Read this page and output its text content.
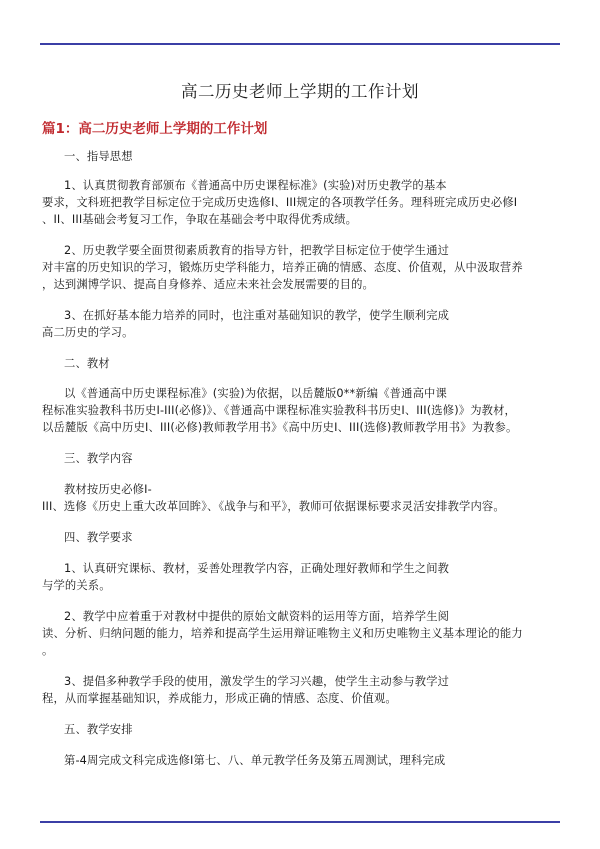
高二历史老师上学期的工作计划
篇1：高二历史老师上学期的工作计划
一、指导思想
1、认真贯彻教育部颁布《普通高中历史课程标准》(实验)对历史教学的基本
要求，文科班把教学目标定位于完成历史选修I、III规定的各项教学任务。理科班完成历史必修I
、II、III基础会考复习工作，争取在基础会考中取得优秀成绩。
2、历史教学要全面贯彻素质教育的指导方针，把教学目标定位于使学生通过
对丰富的历史知识的学习，锻炼历史学科能力，培养正确的情感、态度、价值观，从中汲取营养
，达到渊博学识、提高自身修养、适应未来社会发展需要的目的。
3、在抓好基本能力培养的同时，也注重对基础知识的教学，使学生顺利完成
高二历史的学习。
二、教材
以《普通高中历史课程标准》(实验)为依据，以岳麓版0**新编《普通高中课
程标准实验教科书历史I-III(必修)》、《普通高中课程标准实验教科书历史I、III(选修)》为教材，
以岳麓版《高中历史I、III(必修)教师教学用书》《高中历史I、III(选修)教师教学用书》为教参。
三、教学内容
教材按历史必修I-
III、选修《历史上重大改革回眸》、《战争与和平》，教师可依据课标要求灵活安排教学内容。
四、教学要求
1、认真研究课标、教材，妥善处理教学内容，正确处理好教师和学生之间教
与学的关系。
2、教学中应着重于对教材中提供的原始文献资料的运用等方面，培养学生阅
读、分析、归纳问题的能力，培养和提高学生运用辩证唯物主义和历史唯物主义基本理论的能力
。
3、提倡多种教学手段的使用，激发学生的学习兴趣，使学生主动参与教学过
程，从而掌握基础知识，养成能力，形成正确的情感、态度、价值观。
五、教学安排
第-4周完成文科完成选修I第七、八、单元教学任务及第五周测试，理科完成
